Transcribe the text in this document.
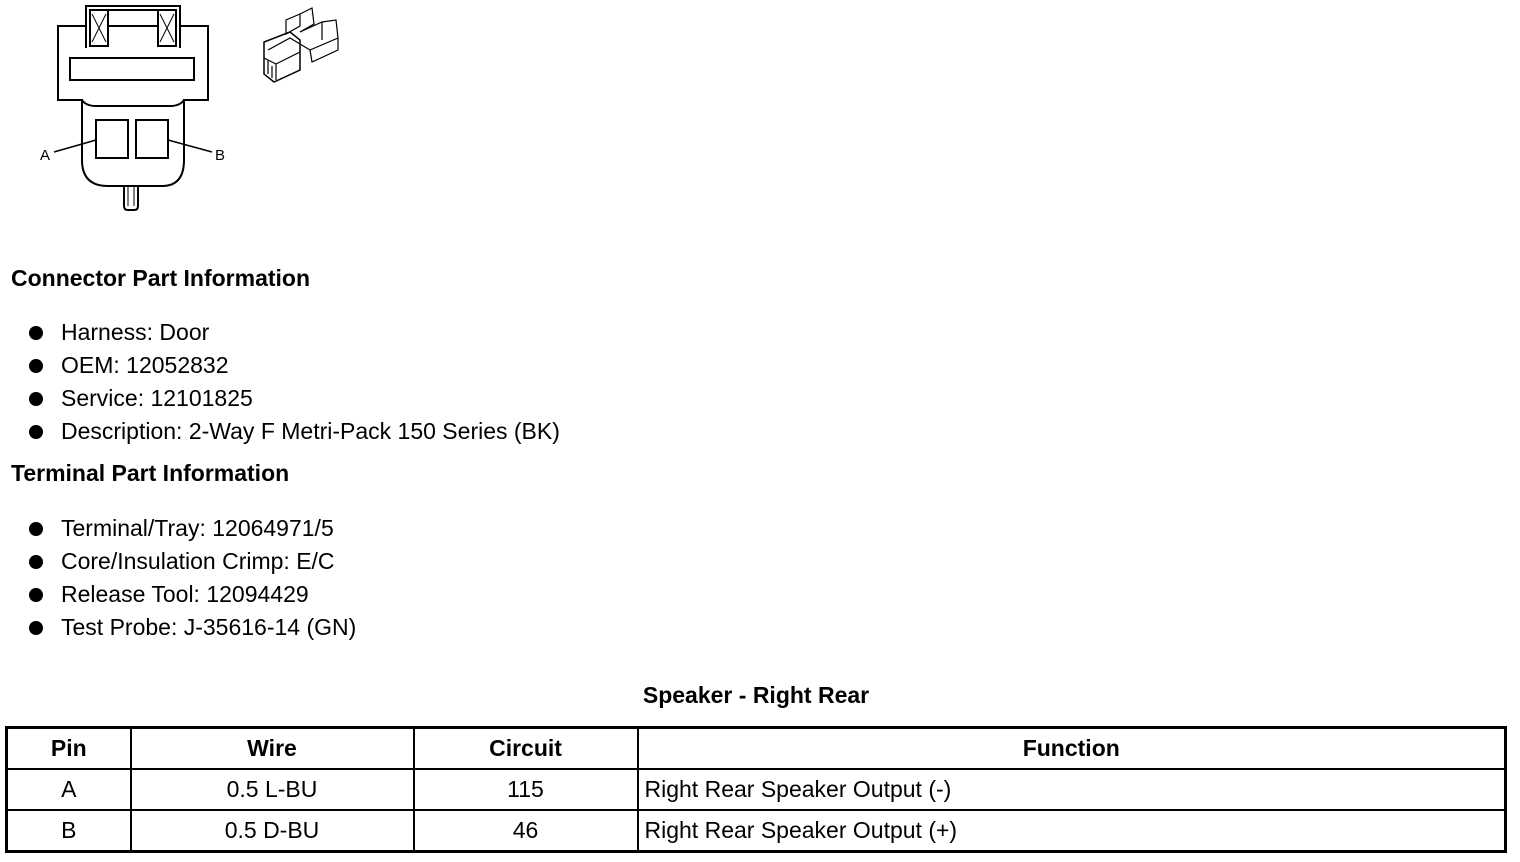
A	B
Connector Part Information
Harness: Door
OEM: 12052832
Service: 12101825
Description: 2-Way F Metri-Pack 150 Series (BK)
Terminal Part Information
Terminal/Tray: 12064971/5
Core/Insulation Crimp: E/C
Release Tool: 12094429
Test Probe: J-35616-14 (GN)
Speaker - Right Rear
Pin	Wire	Circuit	Function
A	0.5 L-BU	115	Right Rear Speaker Output (-)
B	0.5 D-BU	46	Right Rear Speaker Output (+)
